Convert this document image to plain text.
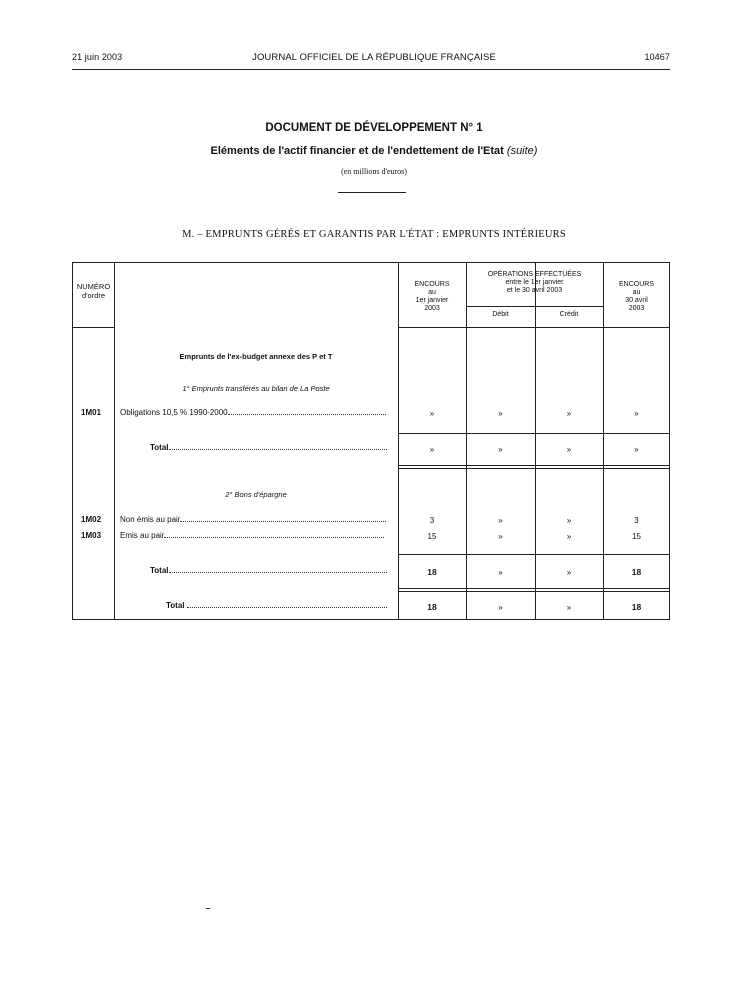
21 juin 2003	JOURNAL OFFICIEL DE LA RÉPUBLIQUE FRANÇAISE	10467
DOCUMENT DE DÉVELOPPEMENT N° 1
Eléments de l'actif financier et de l'endettement de l'Etat (suite)
(en millions d'euros)
M. – EMPRUNTS GÉRÉS ET GARANTIS PAR L'ÉTAT : EMPRUNTS INTÉRIEURS
NUMÉRO
d'ordre
ENCOURS
au
1er janvier
2003
OPÉRATIONS EFFECTUÉES
entre le 1er janvier
et le 30 avril 2003
Débit	Crédit
ENCOURS
au
30 avril
2003
Emprunts de l'ex-budget annexe des P et T
1° Emprunts transférés au bilan de La Poste
1M01 Obligations 10,5 % 1990-2000	»	»	»	»
Total	»	»	»	»
2° Bons d'épargne
1M02 Non émis au pair	3	»	»	3
1M03 Emis au pair	15	»	»	15
Total	18	»	»	18
Total	18	»	»	18
